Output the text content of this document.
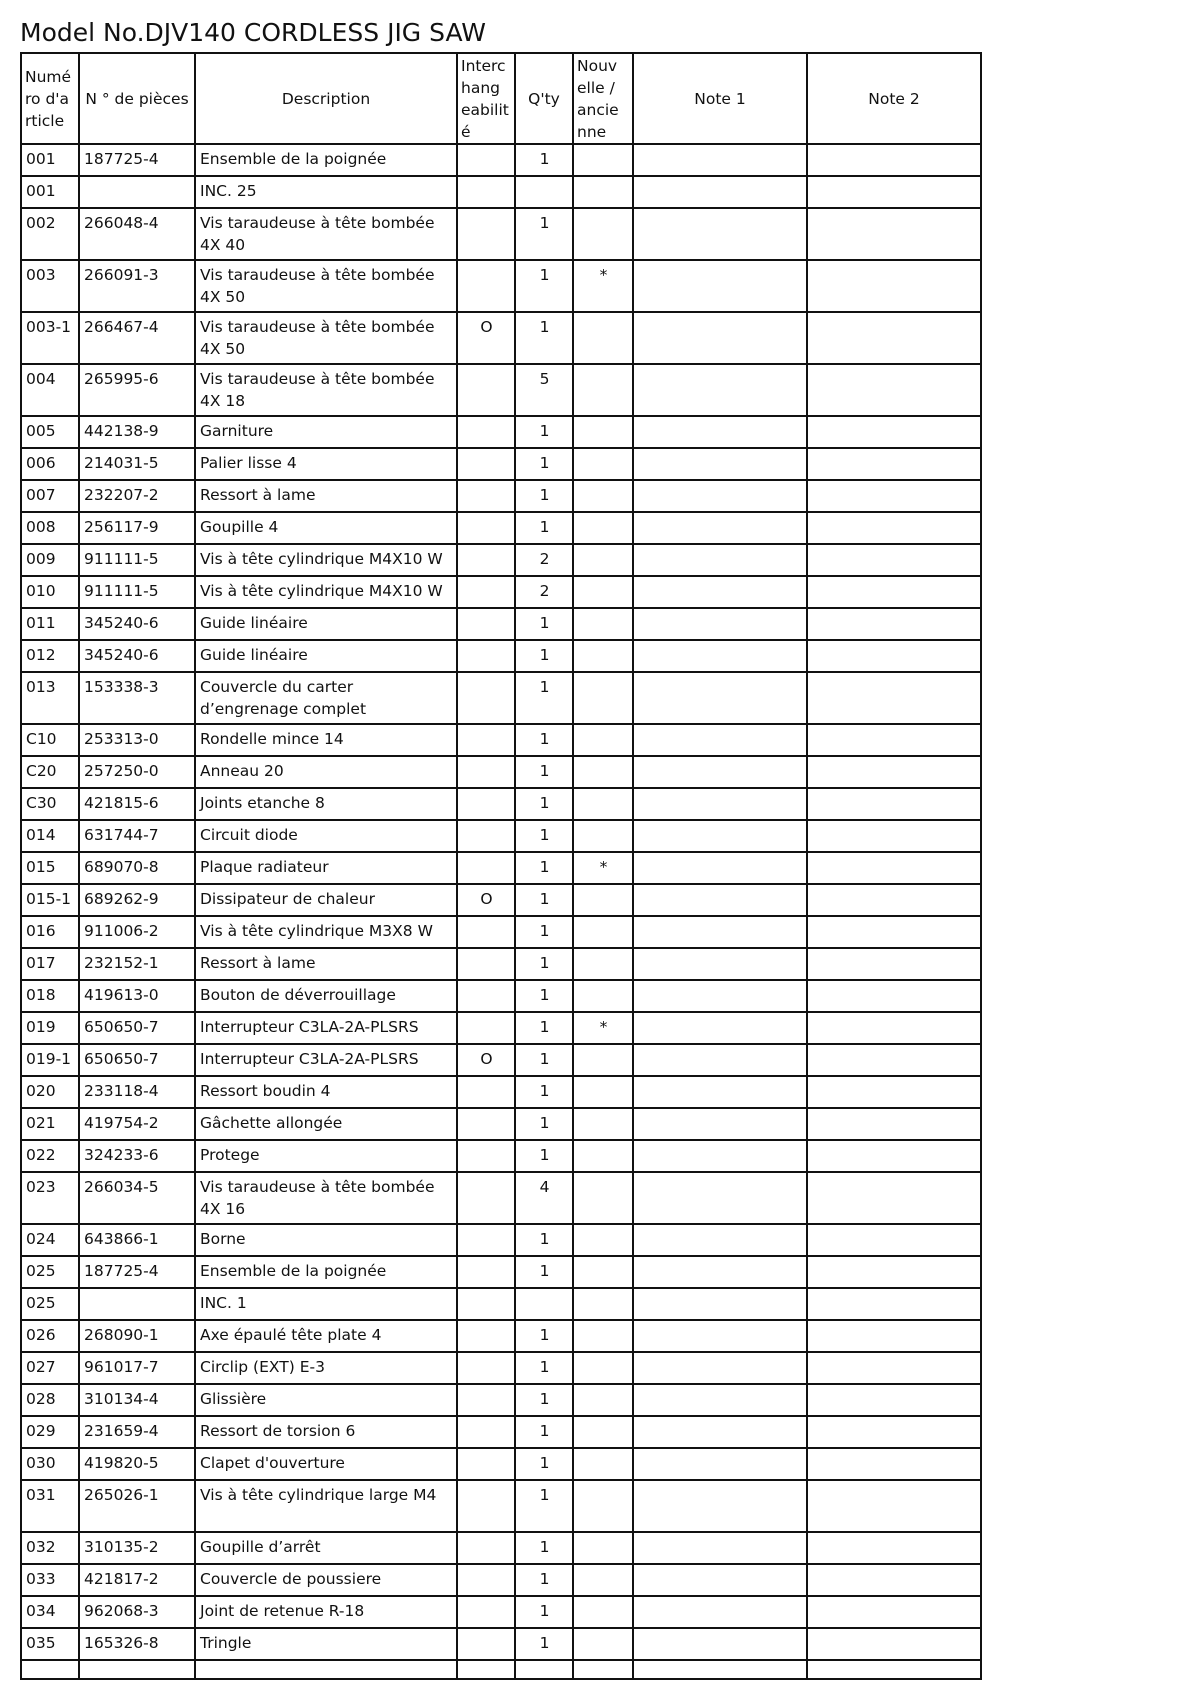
Model No.DJV140 CORDLESS JIG SAW
Numé ro d'a rticle	N ° de pièces	Description	Interc hang eabilit é	Q'ty	Nouv elle / ancie nne	Note 1	Note 2
001	187725-4	Ensemble de la poignée		1			
001		INC. 25					
002	266048-4	Vis taraudeuse à tête bombée 4X 40		1			
003	266091-3	Vis taraudeuse à tête bombée 4X 50		1	*		
003-1	266467-4	Vis taraudeuse à tête bombée 4X 50	O	1			
004	265995-6	Vis taraudeuse à tête bombée 4X 18		5			
005	442138-9	Garniture		1			
006	214031-5	Palier lisse 4		1			
007	232207-2	Ressort à lame		1			
008	256117-9	Goupille 4		1			
009	911111-5	Vis à tête cylindrique M4X10 W		2			
010	911111-5	Vis à tête cylindrique M4X10 W		2			
011	345240-6	Guide linéaire		1			
012	345240-6	Guide linéaire		1			
013	153338-3	Couvercle du carter d’engrenage complet		1			
C10	253313-0	Rondelle mince 14		1			
C20	257250-0	Anneau 20		1			
C30	421815-6	Joints etanche 8		1			
014	631744-7	Circuit diode		1			
015	689070-8	Plaque radiateur		1	*		
015-1	689262-9	Dissipateur de chaleur	O	1			
016	911006-2	Vis à tête cylindrique M3X8 W		1			
017	232152-1	Ressort à lame		1			
018	419613-0	Bouton de déverrouillage		1			
019	650650-7	Interrupteur C3LA-2A-PLSRS		1	*		
019-1	650650-7	Interrupteur C3LA-2A-PLSRS	O	1			
020	233118-4	Ressort boudin 4		1			
021	419754-2	Gâchette allongée		1			
022	324233-6	Protege		1			
023	266034-5	Vis taraudeuse à tête bombée 4X 16		4			
024	643866-1	Borne		1			
025	187725-4	Ensemble de la poignée		1			
025		INC. 1					
026	268090-1	Axe épaulé tête plate 4		1			
027	961017-7	Circlip (EXT) E-3		1			
028	310134-4	Glissière		1			
029	231659-4	Ressort de torsion 6		1			
030	419820-5	Clapet d'ouverture		1			
031	265026-1	Vis à tête cylindrique large M4		1			
032	310135-2	Goupille d’arrêt		1			
033	421817-2	Couvercle de poussiere		1			
034	962068-3	Joint de retenue R-18		1			
035	165326-8	Tringle		1			
